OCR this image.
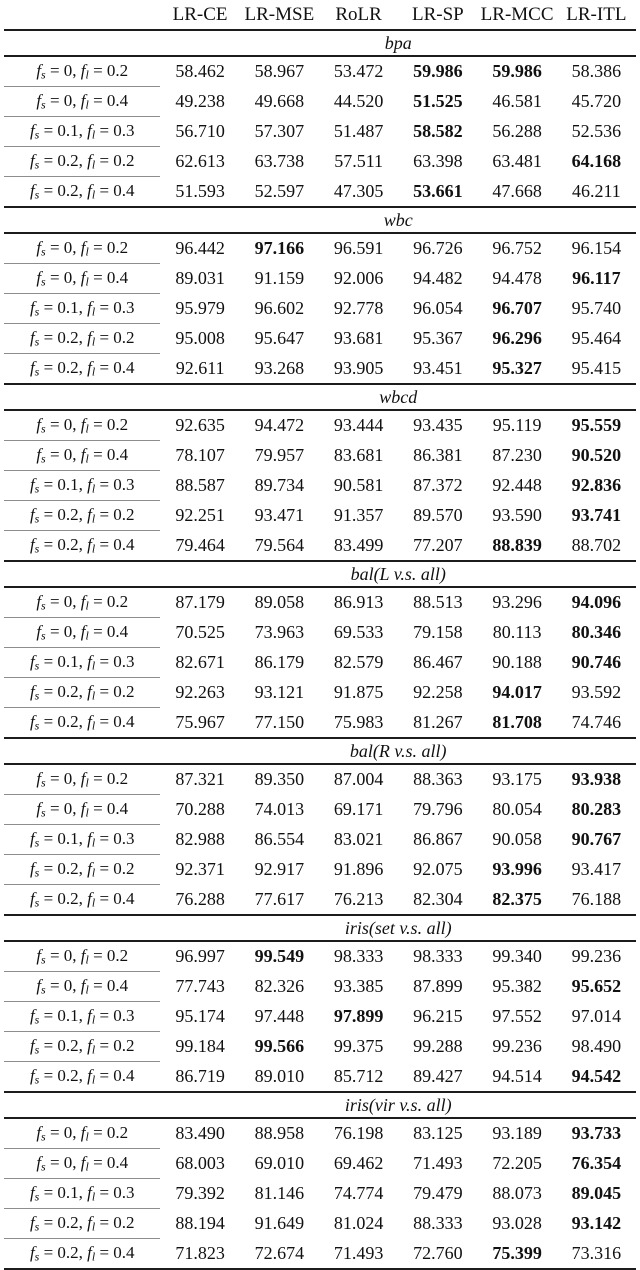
	LR-CE	LR-MSE	RoLR	LR-SP	LR-MCC	LR-ITL
	bpa					
$f_s = 0$, $f_l = 0.2$	58.462	58.967	53.472	59.986	59.986	58.386
$f_s = 0$, $f_l = 0.4$	49.238	49.668	44.520	51.525	46.581	45.720
$f_s = 0.1$, $f_l = 0.3$	56.710	57.307	51.487	58.582	56.288	52.536
$f_s = 0.2$, $f_l = 0.2$	62.613	63.738	57.511	63.398	63.481	64.168
$f_s = 0.2$, $f_l = 0.4$	51.593	52.597	47.305	53.661	47.668	46.211
	wbc					
$f_s = 0$, $f_l = 0.2$	96.442	97.166	96.591	96.726	96.752	96.154
$f_s = 0$, $f_l = 0.4$	89.031	91.159	92.006	94.482	94.478	96.117
$f_s = 0.1$, $f_l = 0.3$	95.979	96.602	92.778	96.054	96.707	95.740
$f_s = 0.2$, $f_l = 0.2$	95.008	95.647	93.681	95.367	96.296	95.464
$f_s = 0.2$, $f_l = 0.4$	92.611	93.268	93.905	93.451	95.327	95.415
	wbcd					
$f_s = 0$, $f_l = 0.2$	92.635	94.472	93.444	93.435	95.119	95.559
$f_s = 0$, $f_l = 0.4$	78.107	79.957	83.681	86.381	87.230	90.520
$f_s = 0.1$, $f_l = 0.3$	88.587	89.734	90.581	87.372	92.448	92.836
$f_s = 0.2$, $f_l = 0.2$	92.251	93.471	91.357	89.570	93.590	93.741
$f_s = 0.2$, $f_l = 0.4$	79.464	79.564	83.499	77.207	88.839	88.702
	bal(L v.s. all)					
$f_s = 0$, $f_l = 0.2$	87.179	89.058	86.913	88.513	93.296	94.096
$f_s = 0$, $f_l = 0.4$	70.525	73.963	69.533	79.158	80.113	80.346
$f_s = 0.1$, $f_l = 0.3$	82.671	86.179	82.579	86.467	90.188	90.746
$f_s = 0.2$, $f_l = 0.2$	92.263	93.121	91.875	92.258	94.017	93.592
$f_s = 0.2$, $f_l = 0.4$	75.967	77.150	75.983	81.267	81.708	74.746
	bal(R v.s. all)					
$f_s = 0$, $f_l = 0.2$	87.321	89.350	87.004	88.363	93.175	93.938
$f_s = 0$, $f_l = 0.4$	70.288	74.013	69.171	79.796	80.054	80.283
$f_s = 0.1$, $f_l = 0.3$	82.988	86.554	83.021	86.867	90.058	90.767
$f_s = 0.2$, $f_l = 0.2$	92.371	92.917	91.896	92.075	93.996	93.417
$f_s = 0.2$, $f_l = 0.4$	76.288	77.617	76.213	82.304	82.375	76.188
	iris(set v.s. all)					
$f_s = 0$, $f_l = 0.2$	96.997	99.549	98.333	98.333	99.340	99.236
$f_s = 0$, $f_l = 0.4$	77.743	82.326	93.385	87.899	95.382	95.652
$f_s = 0.1$, $f_l = 0.3$	95.174	97.448	97.899	96.215	97.552	97.014
$f_s = 0.2$, $f_l = 0.2$	99.184	99.566	99.375	99.288	99.236	98.490
$f_s = 0.2$, $f_l = 0.4$	86.719	89.010	85.712	89.427	94.514	94.542
	iris(vir v.s. all)					
$f_s = 0$, $f_l = 0.2$	83.490	88.958	76.198	83.125	93.189	93.733
$f_s = 0$, $f_l = 0.4$	68.003	69.010	69.462	71.493	72.205	76.354
$f_s = 0.1$, $f_l = 0.3$	79.392	81.146	74.774	79.479	88.073	89.045
$f_s = 0.2$, $f_l = 0.2$	88.194	91.649	81.024	88.333	93.028	93.142
$f_s = 0.2$, $f_l = 0.4$	71.823	72.674	71.493	72.760	75.399	73.316
